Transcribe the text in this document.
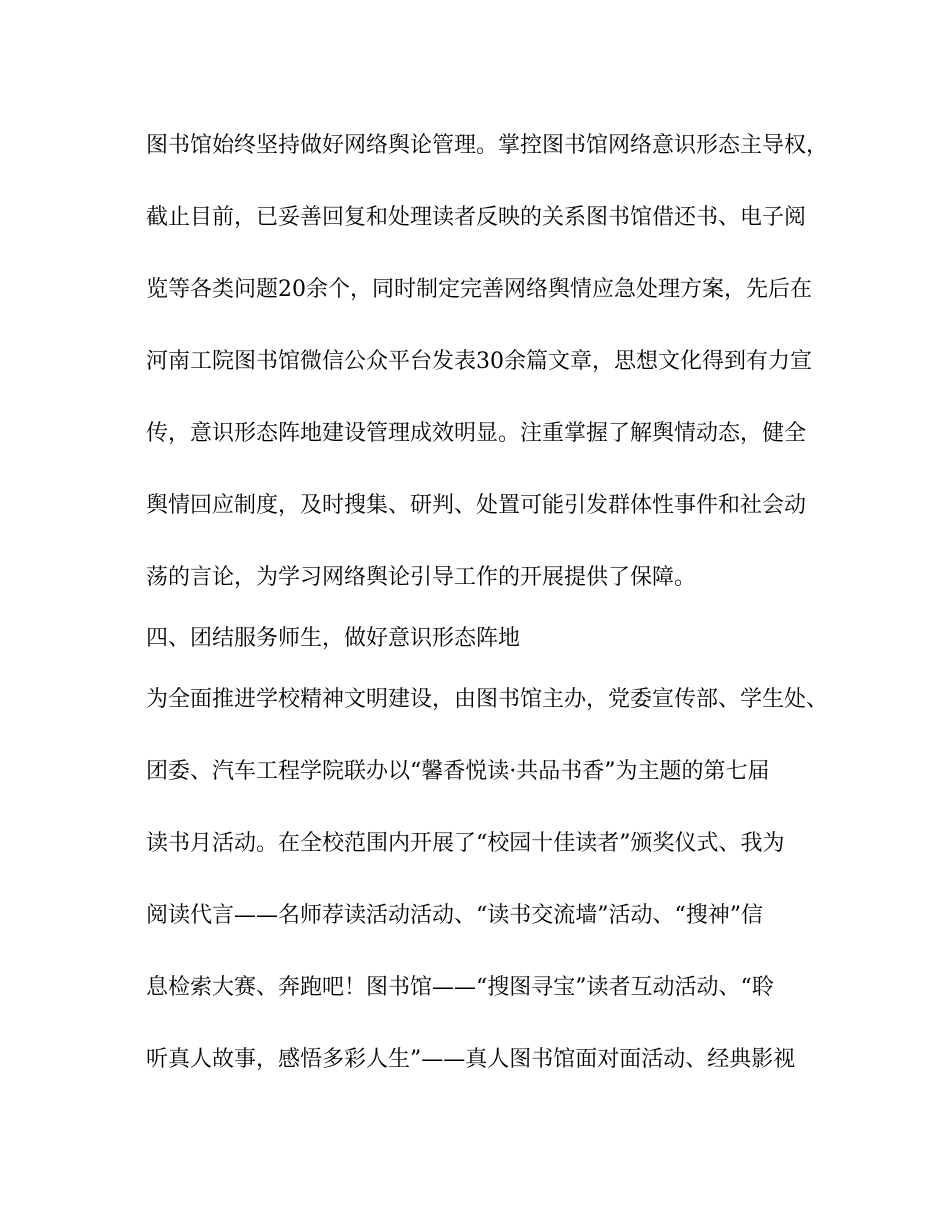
图书馆始终坚持做好网络舆论管理。掌控图书馆网络意识形态主导权，
截止目前，已妥善回复和处理读者反映的关系图书馆借还书、电子阅
览等各类问题20余个，同时制定完善网络舆情应急处理方案，先后在
河南工院图书馆微信公众平台发表30余篇文章，思想文化得到有力宣
传，意识形态阵地建设管理成效明显。注重掌握了解舆情动态，健全
舆情回应制度，及时搜集、研判、处置可能引发群体性事件和社会动
荡的言论，为学习网络舆论引导工作的开展提供了保障。
四、团结服务师生，做好意识形态阵地
为全面推进学校精神文明建设，由图书馆主办，党委宣传部、学生处、
团委、汽车工程学院联办以“馨香悦读·共品书香”为主题的第七届
读书月活动。在全校范围内开展了“校园十佳读者”颁奖仪式、我为
阅读代言——名师荐读活动活动、“读书交流墙”活动、“搜神”信
息检索大赛、奔跑吧！图书馆——“搜图寻宝”读者互动活动、“聆
听真人故事，感悟多彩人生”——真人图书馆面对面活动、经典影视
